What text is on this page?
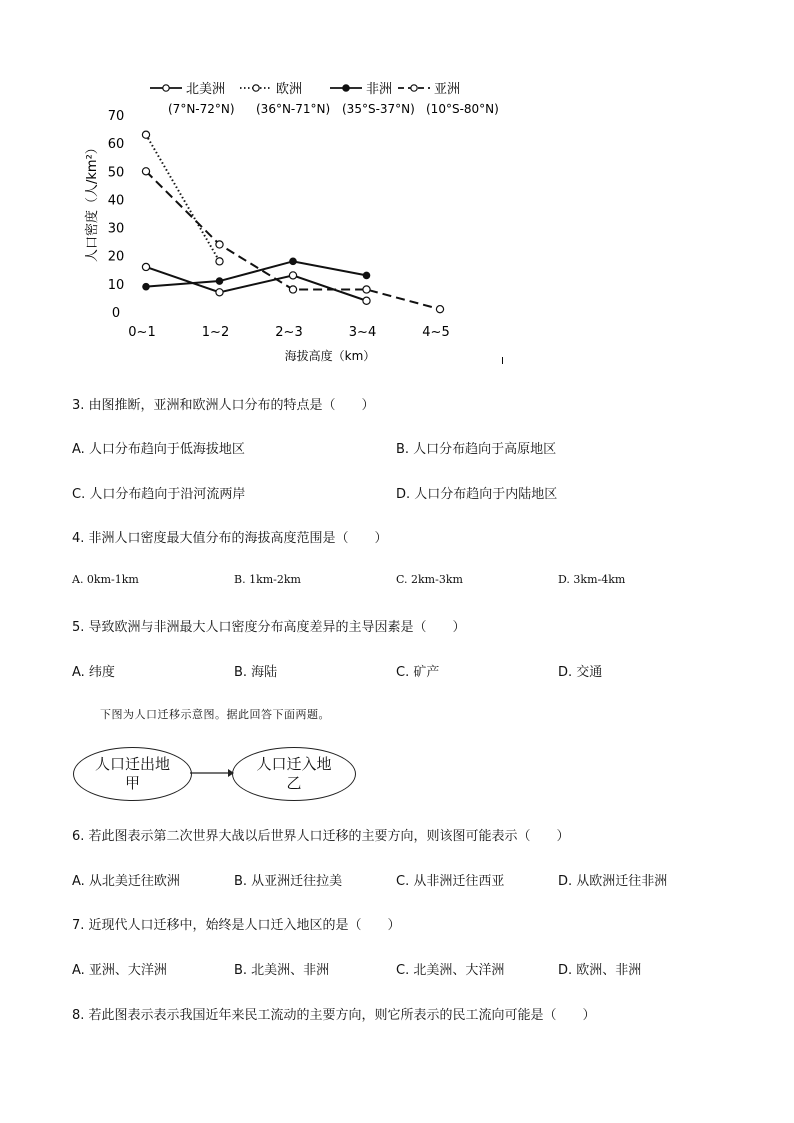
北美洲
(7°N-72°N)
欧洲
(36°N-71°N)
非洲
(35°S-37°N)
亚洲
(10°S-80°N)
0
10
20
30
40
50
60
70
0~1	1~2	2~3	3~4	4~5
人口密度（人/km²）
海拔高度（km）	I
3. 由图推断，亚洲和欧洲人口分布的特点是（　　）
A. 人口分布趋向于低海拔地区	B. 人口分布趋向于高原地区
C. 人口分布趋向于沿河流两岸	D. 人口分布趋向于内陆地区
4. 非洲人口密度最大值分布的海拔高度范围是（　　）
A. 0km-1km	B. 1km-2km	C. 2km-3km	D. 3km-4km
5. 导致欧洲与非洲最大人口密度分布高度差异的主导因素是（　　）
A. 纬度	B. 海陆	C. 矿产	D. 交通
下图为人口迁移示意图。据此回答下面两题。
人口迁出地
甲
人口迁入地
乙
6. 若此图表示第二次世界大战以后世界人口迁移的主要方向，则该图可能表示（　　）
A. 从北美迁往欧洲	B. 从亚洲迁往拉美	C. 从非洲迁往西亚	D. 从欧洲迁往非洲
7. 近现代人口迁移中，始终是人口迁入地区的是（　　）
A. 亚洲、大洋洲	B. 北美洲、非洲	C. 北美洲、大洋洲	D. 欧洲、非洲
8. 若此图表示表示我国近年来民工流动的主要方向，则它所表示的民工流向可能是（　　）
